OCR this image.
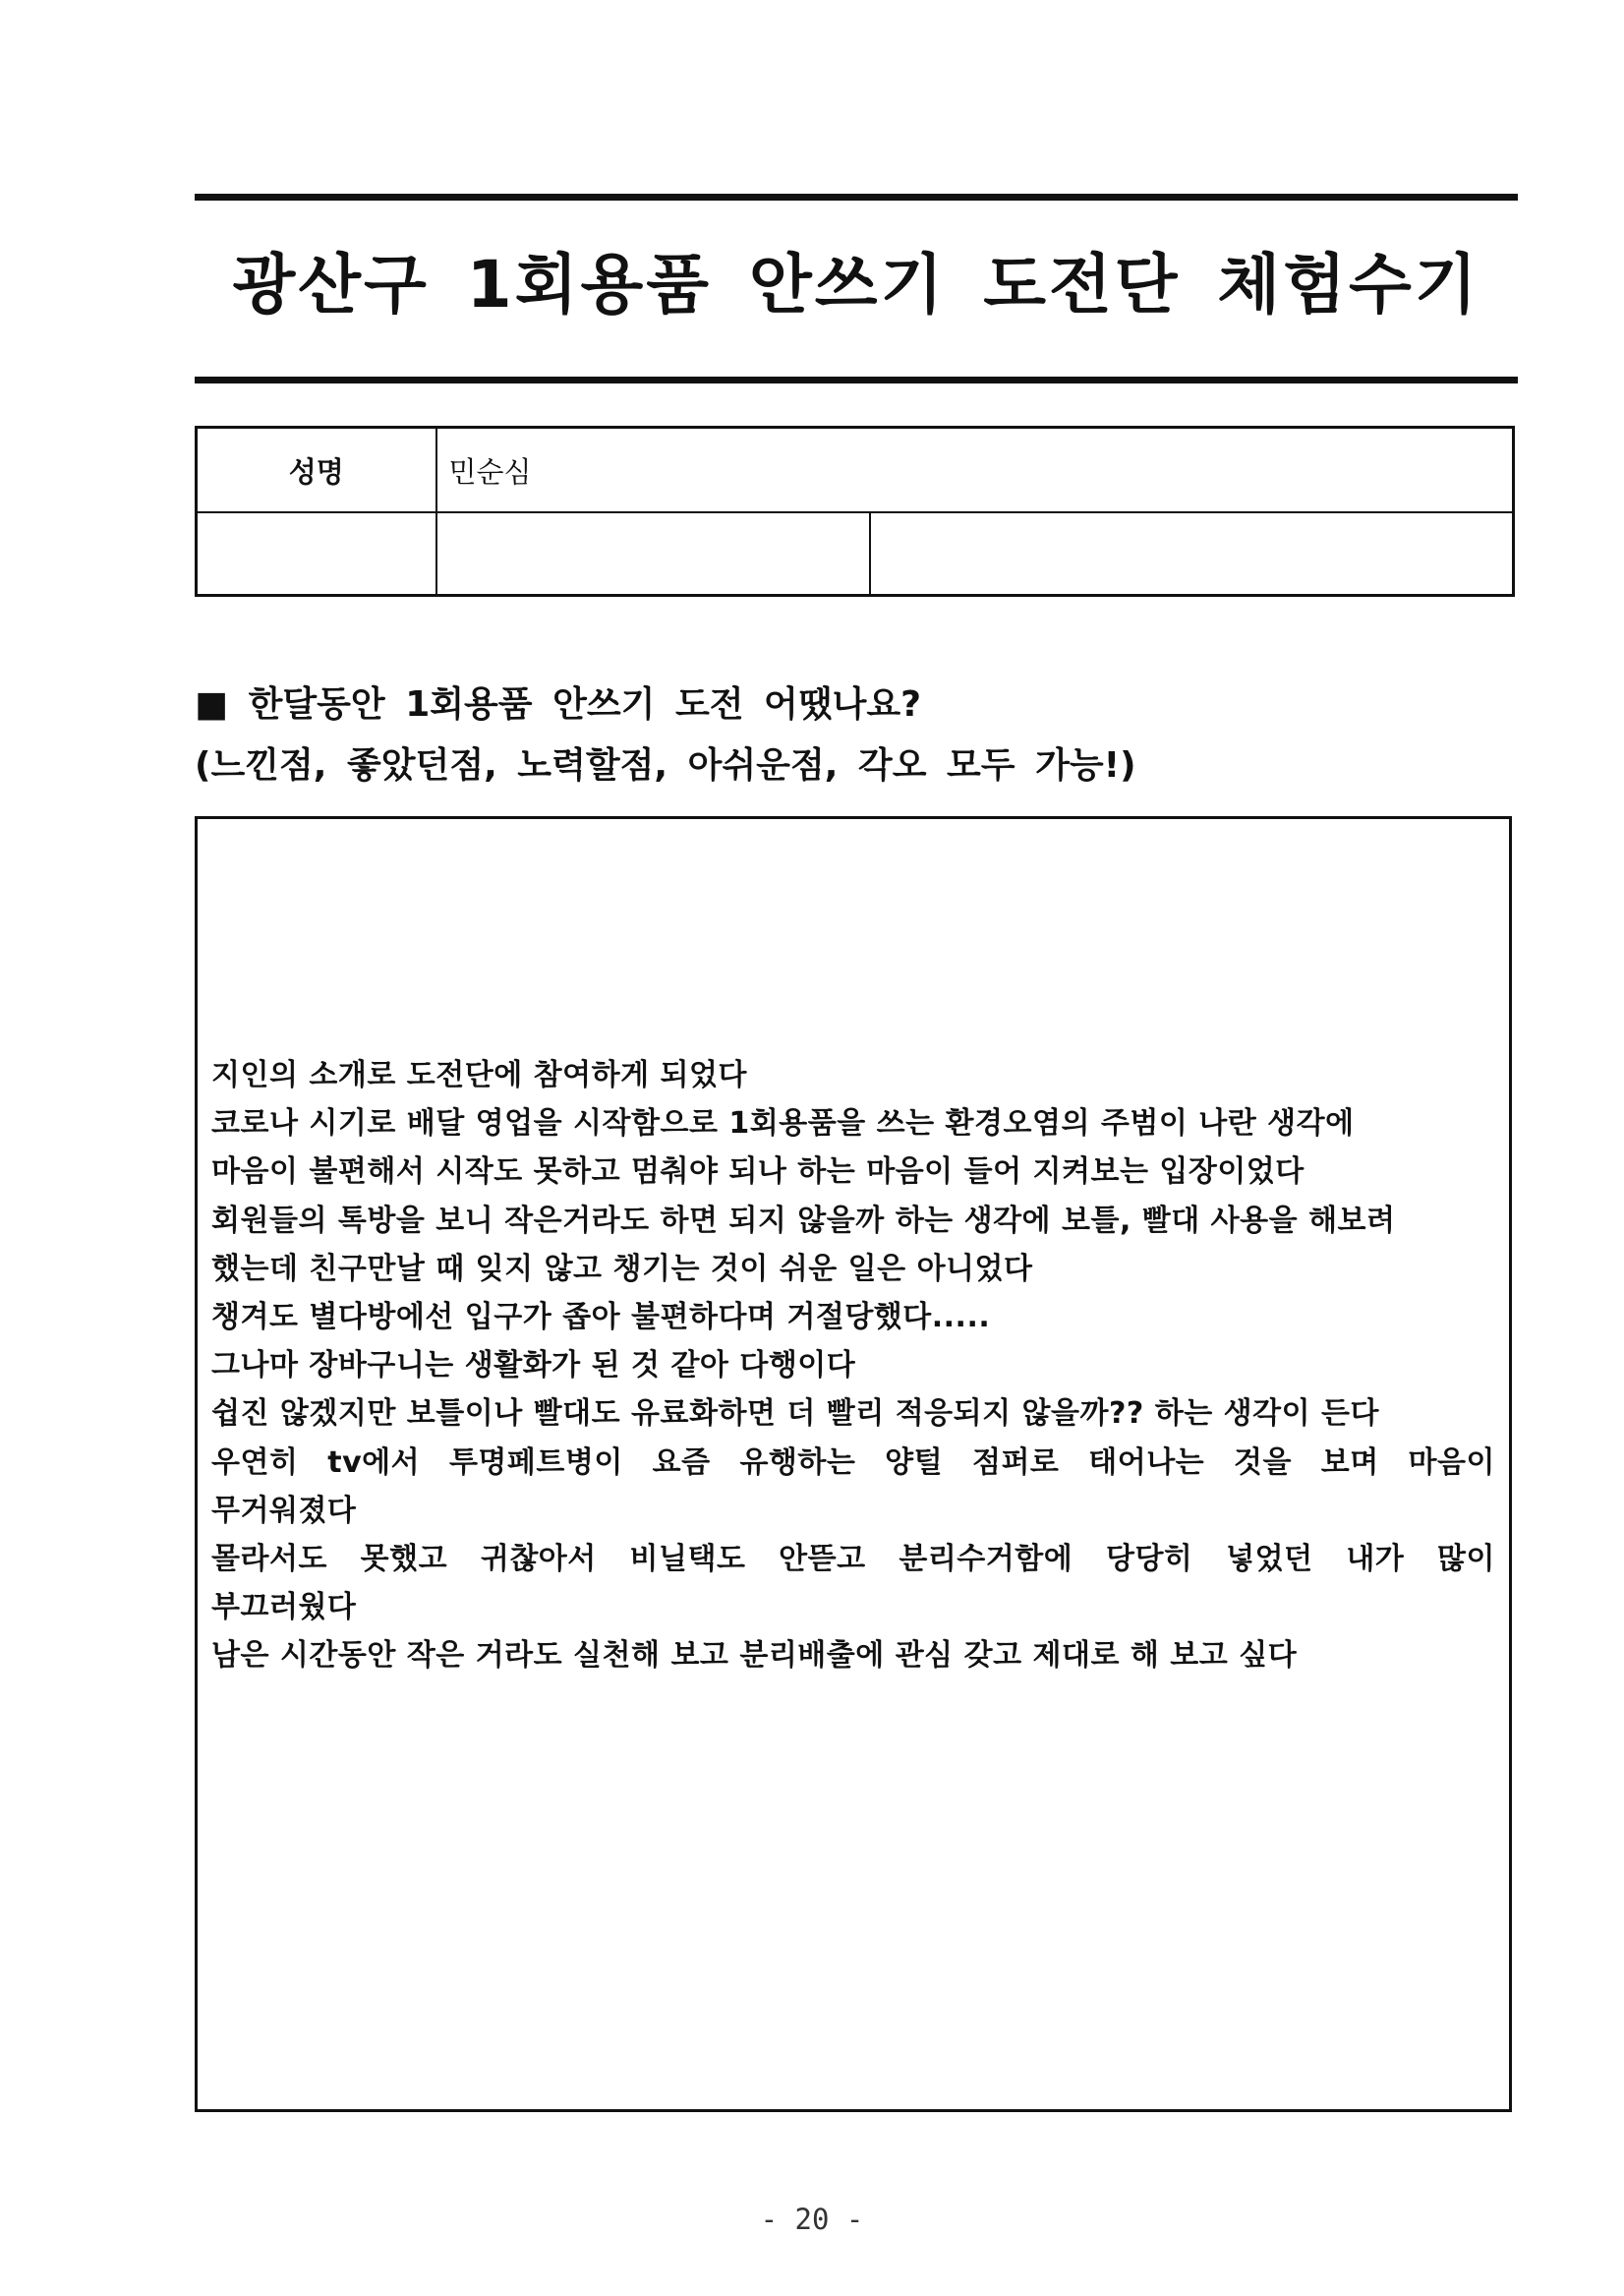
광산구 1회용품 안쓰기 도전단 체험수기
성명	민순심	

■ 한달동안 1회용품 안쓰기 도전 어땠나요?
(느낀점, 좋았던점, 노력할점, 아쉬운점, 각오 모두 가능!)
지인의 소개로 도전단에 참여하게 되었다
코로나 시기로 배달 영업을 시작함으로 1회용품을 쓰는 환경오염의 주범이 나란 생각에
마음이 불편해서 시작도 못하고 멈춰야 되나 하는 마음이 들어 지켜보는 입장이었다
회원들의 톡방을 보니 작은거라도 하면 되지 않을까 하는 생각에 보틀, 빨대 사용을 해보려
했는데 친구만날 때 잊지 않고 챙기는 것이 쉬운 일은 아니었다
챙겨도 별다방에선 입구가 좁아 불편하다며 거절당했다.....
그나마 장바구니는 생활화가 된 것 같아 다행이다
쉽진 않겠지만 보틀이나 빨대도 유료화하면 더 빨리 적응되지 않을까?? 하는 생각이 든다
우연히 tv에서 투명페트병이 요즘 유행하는 양털 점퍼로 태어나는 것을 보며 마음이
무거워졌다
몰라서도 못했고 귀찮아서 비닐택도 안뜯고 분리수거함에 당당히 넣었던 내가 많이
부끄러웠다
남은 시간동안 작은 거라도 실천해 보고 분리배출에 관심 갖고 제대로 해 보고 싶다
- 20 -
